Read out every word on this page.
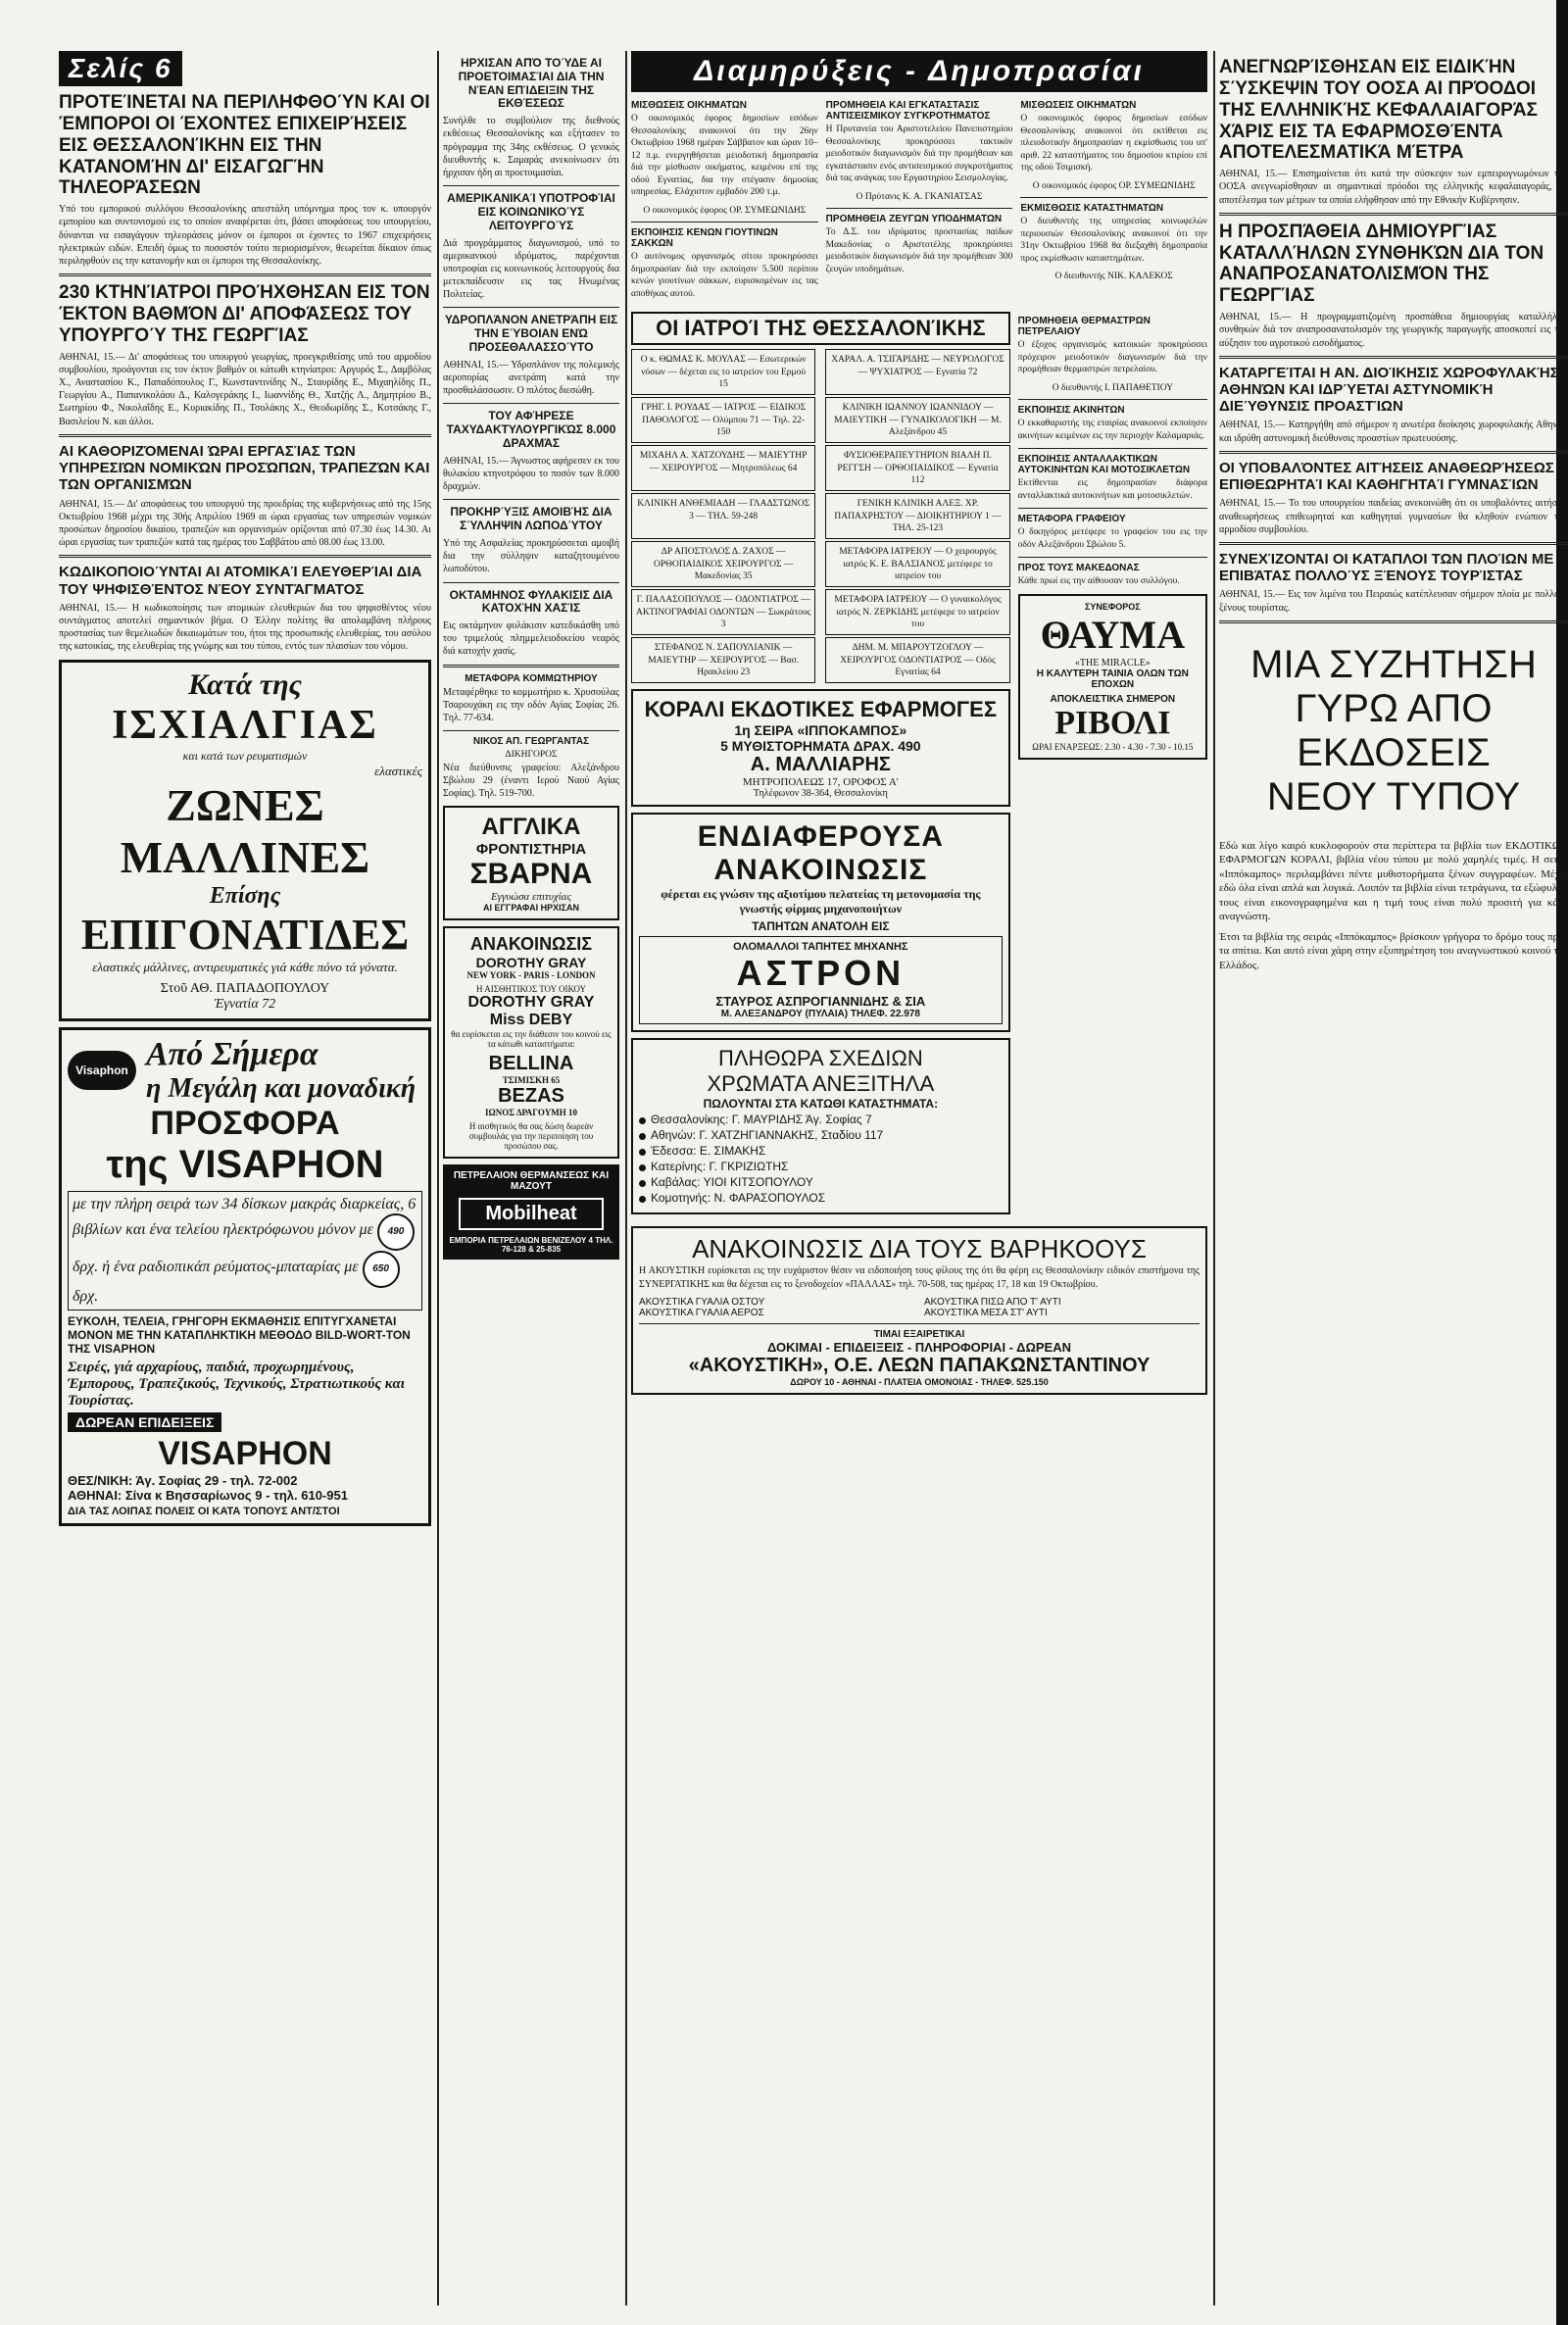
Σελίς 6
ΠΡΟΤΕΊΝΕΤΑΙ ΝΑ ΠΕΡΙΛΗΦΘΟΎΝ ΚΑΙ ΟΙ ΈΜΠΟΡΟΙ ΟΙ ΈΧΟΝΤΕΣ ΕΠΙΧΕΙΡΉΣΕΙΣ ΕΙΣ ΘΕΣΣΑΛΟΝΊΚΗΝ ΕΙΣ ΤΗΝ ΚΑΤΑΝΟΜΉΝ ΔΙ' ΕΙΣΑΓΩΓΉΝ ΤΗΛΕΟΡΆΣΕΩΝ

Υπό του εμπορικού συλλόγου Θεσσαλονίκης απεστάλη υπόμνημα προς τον κ. υπουργόν εμπορίου και συντονισμού εις το οποίον αναφέρεται ότι, βάσει αποφάσεως του υπουργείου, δύνανται να εισαγάγουν τηλεοράσεις μόνον οι έμποροι οι έχοντες το 1967 επιχειρήσεις ηλεκτρικών ειδών. Επειδή όμως το ποσοστόν τούτο περιορισμένον, θεωρείται δίκαιον όπως περιληφθούν εις την κατανομήν και οι έμποροι της Θεσσαλονίκης.

230 ΚΤΗΝΊΑΤΡΟΙ ΠΡΟΉΧΘΗΣΑΝ ΕΙΣ ΤΟΝ ΈΚΤΟΝ ΒΑΘΜΌΝ ΔΙ' ΑΠΟΦΆΣΕΩΣ ΤΟΥ ΥΠΟΥΡΓΟΎ ΤΗΣ ΓΕΩΡΓΊΑΣ

ΑΘΗΝΑΙ, 15.— Δι' αποφάσεως του υπουργού γεωργίας, προεγκριθείσης υπό του αρμοδίου συμβουλίου, προάγονται εις τον έκτον βαθμόν οι κάτωθι κτηνίατροι: Αργυρός Σ., Δαμβόλας Χ., Αναστασίου Κ., Παπαδόπουλος Γ., Κωνσταντινίδης Ν., Σταυρίδης Ε., Μιχαηλίδης Π., Γεωργίου Α., Παπανικολάου Δ., Καλογεράκης Ι., Ιωαννίδης Θ., Χατζής Λ., Δημητρίου Β., Σωτηρίου Φ., Νικολαΐδης Ε., Κυριακίδης Π., Τσολάκης Χ., Θεοδωρίδης Σ., Κοτσάκης Γ., Βασιλείου Ν. και άλλοι.

ΑΙ ΚΑΘΟΡΙΖΌΜΕΝΑΙ ΏΡΑΙ ΕΡΓΑΣΊΑΣ ΤΩΝ ΥΠΗΡΕΣΙΏΝ ΝΟΜΙΚΏΝ ΠΡΟΣΏΠΩΝ, ΤΡΑΠΕΖΏΝ ΚΑΙ ΤΩΝ ΟΡΓΑΝΙΣΜΏΝ

ΑΘΗΝΑΙ, 15.— Δι' αποφάσεως του υπουργού της προεδρίας της κυβερνήσεως από της 15ης Οκτωβρίου 1968 μέχρι της 30ής Απριλίου 1969 αι ώραι εργασίας των υπηρεσιών νομικών προσώπων δημοσίου δικαίου, τραπεζών και οργανισμών ορίζονται από 07.30 έως 14.30. Αι ώραι εργασίας των τραπεζών κατά τας ημέρας του Σαββάτου από 08.00 έως 13.00.

ΚΩΔΙΚΟΠΟΙΟΎΝΤΑΙ ΑΙ ΑΤΟΜΙΚΑΊ ΕΛΕΥΘΕΡΊΑΙ ΔΙΑ ΤΟΥ ΨΗΦΙΣΘΈΝΤΟΣ ΝΈΟΥ ΣΥΝΤΆΓΜΑΤΟΣ

ΑΘΗΝΑΙ, 15.— Η κωδικοποίησις των ατομικών ελευθεριών δια του ψηφισθέντος νέου συντάγματος αποτελεί σημαντικόν βήμα. Ο Έλλην πολίτης θα απολαμβάνη πλήρους προστασίας των θεμελιωδών δικαιωμάτων του, ήτοι της προσωπικής ελευθερίας, του ασύλου της κατοικίας, της ελευθερίας της γνώμης και του τύπου, εντός των πλαισίων του νόμου.

Κατά της
ΙΣΧΙΑΛΓΙΑΣ
και κατά των ρευματισμών
ελαστικές
ΖΩΝΕΣ
ΜΑΛΛΙΝΕΣ
Επίσης
ΕΠΙΓΟΝΑΤΙΔΕΣ
ελαστικές μάλλινες, αντιρευματικές γιά κάθε πόνο τά γόνατα.
Στοῦ ΑΘ. ΠΑΠΑΔΟΠΟΥΛΟΥ
Έγνατία 72
Visaphon Από Σήμερα
η Μεγάλη και μοναδική
ΠΡΟΣΦΟΡΑ
της VISAPHON
με την πλήρη σειρά των 34 δίσκων μακράς διαρκείας, 6 βιβλίων και ένα τελείου ηλεκτρόφωνου μόνον με 490 δρχ. ή ένα ραδιοπικάπ ρεύματος-μπαταρίας με 650 δρχ.
ΕΥΚΟΛΗ, ΤΕΛΕΙΑ, ΓΡΗΓΟΡΗ ΕΚΜΑΘΗΣΙΣ ΕΠΙΤΥΓΧΑΝΕΤΑΙ ΜΟΝΟΝ ΜΕ ΤΗΝ ΚΑΤΑΠΛΗΚΤΙΚΗ ΜΕΘΟΔΟ BILD-WORT-TON ΤΗΣ VISAPHON
Σειρές, γιά αρχαρίους, παιδιά, προχωρημένους, Έμπορους, Τραπεζικούς, Τεχνικούς, Στρατιωτικούς και Τουρίστας.
ΔΩΡΕΑΝ ΕΠΙΔΕΙΞΕΙΣ
VISAPHON
ΘΕΣ/ΝΙΚΗ: Άγ. Σοφίας 29 - τηλ. 72-002
ΑΘΗΝΑΙ: Σίνα κ Βησσαρίωνος 9 - τηλ. 610-951
ΔΙΑ ΤΑΣ ΛΟΙΠΑΣ ΠΟΛΕΙΣ ΟΙ ΚΑΤΑ ΤΟΠΟΥΣ ΑΝΤ/ΣΤΟΙ
ΗΡΧΙΣΑΝ ΑΠΌ ΤΟΎΔΕ ΑΙ ΠΡΟΕΤΟΙΜΑΣΊΑΙ ΔΙΑ ΤΗΝ ΝΈΑΝ ΕΠΊΔΕΙΞΙΝ ΤΗΣ ΕΚΘΈΣΕΩΣ

Συνήλθε το συμβούλιον της διεθνούς εκθέσεως Θεσσαλονίκης και εξήτασεν το πρόγραμμα της 34ης εκθέσεως. Ο γενικός διευθυντής κ. Σαμαράς ανεκοίνωσεν ότι ήρχισαν ήδη αι προετοιμασίαι.

ΑΜΕΡΙΚΑΝΙΚΑΊ ΥΠΟΤΡΟΦΊΑΙ ΕΙΣ ΚΟΙΝΩΝΙΚΟΎΣ ΛΕΙΤΟΥΡΓΟΎΣ

Διά προγράμματος διαγωνισμού, υπό το αμερικανικού ιδρύματος, παρέχονται υποτροφίαι εις κοινωνικούς λειτουργούς δια μετεκπαίδευσιν εις τας Ηνωμένας Πολιτείας.

ΥΔΡΟΠΛΆΝΟΝ ΑΝΕΤΡΆΠΗ ΕΙΣ ΤΗΝ ΕΎΒΟΙΑΝ ΕΝΏ ΠΡΟΣΕΘΑΛΑΣΣΟΎΤΟ

ΑΘΗΝΑΙ, 15.— Υδροπλάνον της πολεμικής αεροπορίας ανετράπη κατά την προσθαλάσσωσιν. Ο πιλότος διεσώθη.

ΤΟΥ ΑΦΉΡΕΣΕ ΤΑΧΥΔΑΚΤΥΛΟΥΡΓΙΚΏΣ 8.000 ΔΡΑΧΜΆΣ

ΑΘΗΝΑΙ, 15.— Άγνωστος αφήρεσεν εκ του θυλακίου κτηνοτρόφου το ποσόν των 8.000 δραχμών.

ΠΡΟΚΗΡΎΞΙΣ ΑΜΟΙΒΉΣ ΔΙΑ ΣΎΛΛΗΨΙΝ ΛΩΠΟΔΎΤΟΥ

Υπό της Ασφαλείας προκηρύσσεται αμοιβή δια την σύλληψιν καταζητουμένου λωποδύτου.

ΟΚΤΑΜΗΝΟΣ ΦΥΛΑΚΙΣΙΣ ΔΙΑ ΚΑΤΟΧΉΝ ΧΑΣΊΣ

Εις οκτάμηνον φυλάκισιν κατεδικάσθη υπό του τριμελούς πλημμελειοδικείου νεαρός διά κατοχήν χασίς.

ΜΕΤΑΦΟΡΑ ΚΟΜΜΩΤΗΡΙΟΥ

Μεταφέρθηκε το κομμωτήριο κ. Χρυσούλας Τσαρουχάκη εις την οδόν Αγίας Σοφίας 26. Τηλ. 77-634.

ΝΙΚΟΣ ΑΠ. ΓΕΩΡΓΑΝΤΑΣ
ΔΙΚΗΓΟΡΟΣ

Νέα διεύθυνσις γραφείου: Αλεξάνδρου Σβώλου 29 (έναντι Ιερού Ναού Αγίας Σοφίας). Τηλ. 519-700.

ΑΓΓΛΙΚΑ
ΦΡΟΝΤΙΣΤΗΡΙΑ
ΣΒΑΡΝΑ
Εγγυώσα επιτυχίας
ΑΙ ΕΓΓΡΑΦΑΙ ΗΡΧΙΣΑΝ
ΑΝΑΚΟΙΝΩΣΙΣ
DOROTHY GRAY
NEW YORK - PARIS - LONDON
Η ΑΙΣΘΗΤΙΚΟΣ ΤΟΥ ΟΙΚΟΥ
DOROTHY GRAY
Miss DEBY
θα ευρίσκεται εις την διάθεσιν του κοινού εις τα κάτωθι καταστήματα:
BELLINA
ΤΣΙΜΙΣΚΗ 65
BEZAS
ΙΩΝΟΣ ΔΡΑΓΟΥΜΗ 10
Η αισθητικός θα σας δώση δωρεάν συμβουλάς για την περιποίηση του προσώπου σας.
ΠΕΤΡΕΛΑΙΟΝ ΘΕΡΜΑΝΣΕΩΣ ΚΑΙ ΜΑΖΟΥΤ
Mobilheat
ΕΜΠΟΡΙΑ ΠΕΤΡΕΛΑΙΩΝ ΒΕΝΙΖΕΛΟΥ 4 ΤΗΛ. 76-128 & 25-835
Διαμηρύξεις - Δημοπρασίαι
ΜΙΣΘΩΣΕΙΣ ΟΙΚΗΜΑΤΩΝ

Ο οικονομικός έφορος δημοσίων εσόδων Θεσσαλονίκης ανακοινοί ότι την 26ην Οκτωβρίου 1968 ημέραν Σάββατον και ώραν 10–12 π.μ. ενεργηθήσεται μειοδοτική δημοπρασία διά την μίσθωσιν οικήματος, κειμένου επί της οδού Εγνατίας, δια την στέγασιν δημοσίας υπηρεσίας. Ελάχιστον εμβαδόν 200 τ.μ.

Ο οικονομικός έφορος ΟΡ. ΣΥΜΕΩΝΙΔΗΣ
ΕΚΠΟΙΗΣΙΣ ΚΕΝΩΝ ΓΙΟΥΤΙΝΩΝ ΣΑΚΚΩΝ

Ο αυτόνομος οργανισμός σίτου προκηρύσσει δημοπρασίαν διά την εκποίησιν 5.500 περίπου κενών γιουτίνων σάκκων, ευρισκομένων εις τας αποθήκας αυτού.

ΠΡΟΜΗΘΕΙΑ ΚΑΙ ΕΓΚΑΤΑΣΤΑΣΙΣ ΑΝΤΙΣΕΙΣΜΙΚΟΥ ΣΥΓΚΡΟΤΗΜΑΤΟΣ

Η Πρυτανεία του Αριστοτελείου Πανεπιστημίου Θεσσαλονίκης προκηρύσσει τακτικόν μειοδοτικόν διαγωνισμόν διά την προμήθειαν και εγκατάστασιν ενός αντισεισμικού συγκροτήματος διά τας ανάγκας του Εργαστηρίου Σεισμολογίας.

Ο Πρύτανις Κ. Α. ΓΚΑΝΙΑΤΣΑΣ
ΠΡΟΜΗΘΕΙΑ ΖΕΥΓΩΝ ΥΠΟΔΗΜΑΤΩΝ

Το Δ.Σ. του ιδρύματος προστασίας παίδων Μακεδονίας ο Αριστοτέλης προκηρύσσει μειοδοτικόν διαγωνισμόν διά την προμήθειαν 300 ζευγών υποδημάτων.

ΜΙΣΘΩΣΕΙΣ ΟΙΚΗΜΑΤΩΝ

Ο οικονομικός έφορος δημοσίων εσόδων Θεσσαλονίκης ανακοινοί ότι εκτίθεται εις πλειοδοτικήν δημοπρασίαν η εκμίσθωσις του υπ' αριθ. 22 καταστήματος του δημοσίου κτιρίου επί της οδού Τσιμισκή.

Ο οικονομικός έφορος ΟΡ. ΣΥΜΕΩΝΙΔΗΣ
ΕΚΜΙΣΘΩΣΙΣ ΚΑΤΑΣΤΗΜΑΤΩΝ

Ο διευθυντής της υπηρεσίας κοινωφελών περιουσιών Θεσσαλονίκης ανακοινοί ότι την 31ην Οκτωβρίου 1968 θα διεξαχθή δημοπρασία προς εκμίσθωσιν καταστημάτων.

Ο διευθυντής ΝΙΚ. ΚΑΛΕΚΟΣ
ΟΙ ΙΑΤΡΟΊ ΤΗΣ ΘΕΣΣΑΛΟΝΊΚΗΣ
Ο κ. ΘΩΜΑΣ Κ. ΜΟΥΛΑΣ — Εσωτερικών νόσων — δέχεται εις το ιατρείον του Ερμού 15
ΧΑΡΑΛ. Α. ΤΣΙΓΑΡΙΔΗΣ — ΝΕΥΡΟΛΟΓΟΣ — ΨΥΧΙΑΤΡΟΣ — Εγνατία 72
ΓΡΗΓ. Ι. ΡΟΥΔΑΣ — ΙΑΤΡΟΣ — ΕΙΔΙΚΟΣ ΠΑΘΟΛΟΓΟΣ — Ολύμπου 71 — Τηλ. 22-150
ΚΛΙΝΙΚΗ ΙΩΑΝΝΟΥ ΙΩΑΝΝΙΔΟΥ — ΜΑΙΕΥΤΙΚΗ — ΓΥΝΑΙΚΟΛΟΓΙΚΗ — Μ. Αλεξάνδρου 45
ΜΙΧΑΗΛ Α. ΧΑΤΖΟΥΔΗΣ — ΜΑΙΕΥΤΗΡ — ΧΕΙΡΟΥΡΓΟΣ — Μητροπόλεως 64
ΦΥΣΙΟΘΕΡΑΠΕΥΤΗΡΙΟΝ ΒΙΑΛΗ Π. ΡΕΓΓΣΗ — ΟΡΘΟΠΑΙΔΙΚΟΣ — Εγνατία 112
ΚΛΙΝΙΚΗ ΑΝΘΕΜΙΑΔΗ — ΓΛΑΔΣΤΩΝΟΣ 3 — ΤΗΛ. 59-248
ΓΕΝΙΚΗ ΚΛΙΝΙΚΗ ΑΛΕΞ. ΧΡ. ΠΑΠΑΧΡΗΣΤΟΥ — ΔΙΟΙΚΗΤΗΡΙΟΥ 1 — ΤΗΛ. 25-123
ΔΡ ΑΠΟΣΤΟΛΟΣ Δ. ΖΑΧΟΣ — ΟΡΘΟΠΑΙΔΙΚΟΣ ΧΕΙΡΟΥΡΓΟΣ — Μακεδονίας 35
ΜΕΤΑΦΟΡΑ ΙΑΤΡΕΙΟΥ — Ο χειρουργός ιατρός Κ. Ε. ΒΑΛΣΙΑΝΟΣ μετέφερε το ιατρείον του
Γ. ΠΑΛΑΣΟΠΟΥΛΟΣ — ΟΔΟΝΤΙΑΤΡΟΣ — ΑΚΤΙΝΟΓΡΑΦΙΑΙ ΟΔΟΝΤΩΝ — Σωκράτους 3
ΜΕΤΑΦΟΡΑ ΙΑΤΡΕΙΟΥ — Ο γυναικολόγος ιατρός Ν. ΖΕΡΚΙΔΗΣ μετέφερε το ιατρείον του
ΣΤΕΦΑΝΟΣ Ν. ΣΑΠΟΥΛΙΑΝΙΚ — ΜΑΙΕΥΤΗΡ — ΧΕΙΡΟΥΡΓΟΣ — Βασ. Ηρακλείου 23
ΔΗΜ. Μ. ΜΠΑΡΟΥΤΖΟΓΛΟΥ — ΧΕΙΡΟΥΡΓΟΣ ΟΔΟΝΤΙΑΤΡΟΣ — Οδός Εγνατίας 64
ΚΟΡΑΛΙ ΕΚΔΟΤΙΚΕΣ ΕΦΑΡΜΟΓΕΣ
1η ΣΕΙΡΑ «ΙΠΠΟΚΑΜΠΟΣ»
5 ΜΥΘΙΣΤΟΡΗΜΑΤΑ ΔΡΑΧ. 490
Α. ΜΑΛΛΙΑΡΗΣ
ΜΗΤΡΟΠΟΛΕΩΣ 17, ΟΡΟΦΟΣ Α'
Τηλέφωνον 38-364, Θεσσαλονίκη
ΕΝΔΙΑΦΕΡΟΥΣΑ ΑΝΑΚΟΙΝΩΣΙΣ
φέρεται εις γνώσιν της αξιοτίμου πελατείας τη μετονομασία της γνωστής φίρμας μηχανοποιήτων
ΤΑΠΗΤΩΝ ΑΝΑΤΟΛΗ ΕΙΣ
ΟΛΟΜΑΛΛΟΙ ΤΑΠΗΤΕΣ ΜΗΧΑΝΗΣ
ΑΣΤΡΟΝ
ΣΤΑΥΡΟΣ ΑΣΠΡΟΓΙΑΝΝΙΔΗΣ & ΣΙΑ
Μ. ΑΛΕΞΑΝΔΡΟΥ (ΠΥΛΑΙΑ) ΤΗΛΕΦ. 22.978
ΠΛΗΘΩΡΑ ΣΧΕΔΙΩΝ
ΧΡΩΜΑΤΑ ΑΝΕΞΙΤΗΛΑ
ΠΩΛΟΥΝΤΑΙ ΣΤΑ ΚΑΤΩΘΙ ΚΑΤΑΣΤΗΜΑΤΑ:
Θεσσαλονίκης: Γ. ΜΑΥΡΙΔΗΣ Άγ. Σοφίας 7
Αθηνών: Γ. ΧΑΤΖΗΓΙΑΝΝΑΚΗΣ, Σταδίου 117
Έδεσσα: Ε. ΣΙΜΑΚΗΣ
Κατερίνης: Γ. ΓΚΡΙΖΙΩΤΗΣ
Καβάλας: ΥΙΟΙ ΚΙΤΣΟΠΟΥΛΟΥ
Κομοτηνής: Ν. ΦΑΡΑΣΟΠΟΥΛΟΣ
ΠΡΟΜΗΘΕΙΑ ΘΕΡΜΑΣΤΡΩΝ ΠΕΤΡΕΛΑΙΟΥ

Ο έξοχος οργανισμός κατοικιών προκηρύσσει πρόχειρον μειοδοτικόν διαγωνισμόν διά την προμήθειαν θερμαστρών πετρελαίου.

Ο διευθυντής Ι. ΠΑΠΑΘΕΤΙΟΥ
ΕΚΠΟΙΗΣΙΣ ΑΚΙΝΗΤΩΝ

Ο εκκαθαριστής της εταιρίας ανακοινοί εκποίησιν ακινήτων κειμένων εις την περιοχήν Καλαμαριάς.

ΕΚΠΟΙΗΣΙΣ ΑΝΤΑΛΛΑΚΤΙΚΩΝ ΑΥΤΟΚΙΝΗΤΩΝ ΚΑΙ ΜΟΤΟΣΙΚΛΕΤΩΝ

Εκτίθενται εις δημοπρασίαν διάφορα ανταλλακτικά αυτοκινήτων και μοτοσικλετών.

ΜΕΤΑΦΟΡΑ ΓΡΑΦΕΙΟΥ

Ο δικηγόρος μετέφερε το γραφείον του εις την οδόν Αλεξάνδρου Σβώλου 5.

ΠΡΟΣ ΤΟΥΣ ΜΑΚΕΔΟΝΑΣ

Κάθε πρωί εις την αίθουσαν του συλλόγου.

ΣΥΝΕΦΟΡΟΣ
ΘΑΥΜΑ
«THE MIRACLE»
Η ΚΑΛΥΤΕΡΗ ΤΑΙΝΙΑ ΟΛΩΝ ΤΩΝ ΕΠΟΧΩΝ
ΑΠΟΚΛΕΙΣΤΙΚΑ ΣΗΜΕΡΟΝ
ΡΙΒΟΛΙ
ΩΡΑΙ ΕΝΑΡΞΕΩΣ: 2.30 - 4.30 - 7.30 - 10.15
ΑΝΑΚΟΙΝΩΣΙΣ ΔΙΑ ΤΟΥΣ ΒΑΡΗΚΟΟΥΣ

Η ΑΚΟΥΣΤΙΚΗ ευρίσκεται εις την ευχάριστον θέσιν να ειδοποιήση τους φίλους της ότι θα φέρη εις Θεσσαλονίκην ειδικόν επιστήμονα της ΣΥΝΕΡΓΑΤΙΚΗΣ και θα δέχεται εις το ξενοδοχείον «ΠΑΛΛΑΣ» τηλ. 70-508, τας ημέρας 17, 18 και 19 Οκτωβρίου.

ΑΚΟΥΣΤΙΚΑ ΓΥΑΛΙΑ ΟΣΤΟΥ
ΑΚΟΥΣΤΙΚΑ ΓΥΑΛΙΑ ΑΕΡΟΣ
ΑΚΟΥΣΤΙΚΑ ΠΙΣΩ ΑΠΟ Τ' ΑΥΤΙ
ΑΚΟΥΣΤΙΚΑ ΜΕΣΑ ΣΤ' ΑΥΤΙ
ΤΙΜΑΙ ΕΞΑΙΡΕΤΙΚΑΙ
ΔΟΚΙΜΑΙ - ΕΠΙΔΕΙΞΕΙΣ - ΠΛΗΡΟΦΟΡΙΑΙ - ΔΩΡΕΑΝ
«ΑΚΟΥΣΤΙΚΗ», Ο.Ε. ΛΕΩΝ ΠΑΠΑΚΩΝΣΤΑΝΤΙΝΟΥ
ΔΩΡΟΥ 10 - ΑΘΗΝΑΙ - ΠΛΑΤΕΙΑ ΟΜΟΝΟΙΑΣ - ΤΗΛΕΦ. 525.150
ΑΝΕΓΝΩΡΊΣΘΗΣΑΝ ΕΙΣ ΕΙΔΙΚΉΝ ΣΎΣΚΕΨΙΝ ΤΟΥ ΟΟΣΑ ΑΙ ΠΡΌΟΔΟΙ ΤΗΣ ΕΛΛΗΝΙΚΉΣ ΚΕΦΑΛΑΙΑΓΟΡΆΣ ΧΆΡΙΣ ΕΙΣ ΤΑ ΕΦΑΡΜΟΣΘΈΝΤΑ ΑΠΟΤΕΛΕΣΜΑΤΙΚΆ ΜΈΤΡΑ

ΑΘΗΝΑΙ, 15.— Επισημαίνεται ότι κατά την σύσκεψιν των εμπειρογνωμόνων του ΟΟΣΑ ανεγνωρίσθησαν αι σημαντικαί πρόοδοι της ελληνικής κεφαλαιαγοράς, ως αποτέλεσμα των μέτρων τα οποία ελήφθησαν από την Εθνικήν Κυβέρνησιν.

Η ΠΡΟΣΠΆΘΕΙΑ ΔΗΜΙΟΥΡΓΊΑΣ ΚΑΤΑΛΛΉΛΩΝ ΣΥΝΘΗΚΏΝ ΔΙΑ ΤΟΝ ΑΝΑΠΡΟΣΑΝΑΤΟΛΙΣΜΌΝ ΤΗΣ ΓΕΩΡΓΊΑΣ

ΑΘΗΝΑΙ, 15.— Η προγραμματιζομένη προσπάθεια δημιουργίας καταλλήλων συνθηκών διά τον αναπροσανατολισμόν της γεωργικής παραγωγής αποσκοπεί εις την αύξησιν του αγροτικού εισοδήματος.

ΚΑΤΑΡΓΕΊΤΑΙ Η ΑΝ. ΔΙΟΊΚΗΣΙΣ ΧΩΡΟΦΥΛΑΚΉΣ ΑΘΗΝΏΝ ΚΑΙ ΙΔΡΎΕΤΑΙ ΑΣΤΥΝΟΜΙΚΉ ΔΙΕΎΘΥΝΣΙΣ ΠΡΟΑΣΤΊΩΝ

ΑΘΗΝΑΙ, 15.— Κατηργήθη από σήμερον η ανωτέρα διοίκησις χωροφυλακής Αθηνών και ιδρύθη αστυνομική διεύθυνσις προαστίων πρωτευούσης.

ΟΙ ΥΠΟΒΑΛΌΝΤΕΣ ΑΙΤΉΣΕΙΣ ΑΝΑΘΕΩΡΉΣΕΩΣ ΕΠΙΘΕΩΡΗΤΑΊ ΚΑΙ ΚΑΘΗΓΗΤΑΊ ΓΥΜΝΑΣΊΩΝ

ΑΘΗΝΑΙ, 15.— Το του υπουργείου παιδείας ανεκοινώθη ότι οι υποβαλόντες αιτήσεις αναθεωρήσεως επιθεωρηταί και καθηγηταί γυμνασίων θα κληθούν ενώπιον του αρμοδίου συμβουλίου.

ΣΥΝΕΧΊΖΟΝΤΑΙ ΟΙ ΚΑΤΆΠΛΟΙ ΤΩΝ ΠΛΟΊΩΝ ΜΕ ΕΠΙΒΆΤΑΣ ΠΟΛΛΟΎΣ ΞΈΝΟΥΣ ΤΟΥΡΊΣΤΑΣ

ΑΘΗΝΑΙ, 15.— Εις τον λιμένα του Πειραιώς κατέπλευσαν σήμερον πλοία με πολλούς ξένους τουρίστας.

ΜΙΑ ΣΥΖΗΤΗΣΗ
ΓΥΡΩ ΑΠΟ ΕΚΔΟΣΕΙΣ
ΝΕΟΥ ΤΥΠΟΥ

Εδώ και λίγο καιρό κυκλοφορούν στα περίπτερα τα βιβλία των ΕΚΔΟΤΙΚΩΝ ΕΦΑΡΜΟΓΩΝ ΚΟΡΑΛΙ, βιβλία νέου τύπου με πολύ χαμηλές τιμές. Η σειρά «Ιππόκαμπος» περιλαμβάνει πέντε μυθιστορήματα ξένων συγγραφέων. Μέχρι εδώ όλα είναι απλά και λογικά. Λοιπόν τα βιβλία είναι τετράγωνα, τα εξώφυλλα τους είναι εικονογραφημένα και η τιμή τους είναι πολύ προσιτή για κάθε αναγνώστη.

Έτσι τα βιβλία της σειράς «Ιππόκαμπος» βρίσκουν γρήγορα το δρόμο τους προς τα σπίτια. Και αυτό είναι χάρη στην εξυπηρέτηση του αναγνωστικού κοινού της Ελλάδος.
